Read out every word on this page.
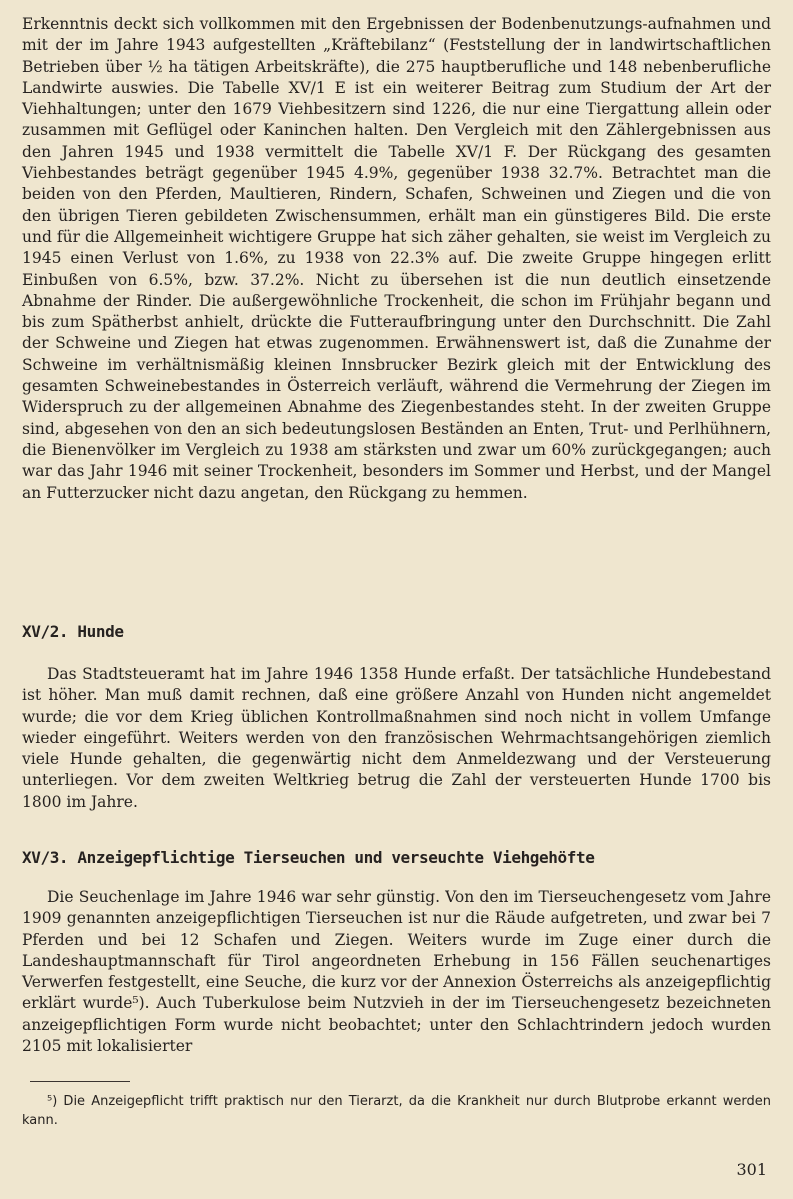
Erkenntnis deckt sich vollkommen mit den Ergebnissen der Bodenbenutzungs-aufnahmen und mit der im Jahre 1943 aufgestellten „Kräftebilanz“ (Feststellung der in landwirtschaftlichen Betrieben über ½ ha tätigen Arbeitskräfte), die 275 hauptberufliche und 148 nebenberufliche Landwirte auswies. Die Tabelle XV/1 E ist ein weiterer Beitrag zum Studium der Art der Viehhaltungen; unter den 1679 Viehbesitzern sind 1226, die nur eine Tiergattung allein oder zusammen mit Geflügel oder Kaninchen halten. Den Vergleich mit den Zählergebnissen aus den Jahren 1945 und 1938 vermittelt die Tabelle XV/1 F. Der Rückgang des gesamten Viehbestandes beträgt gegenüber 1945 4.9%, gegenüber 1938 32.7%. Betrachtet man die beiden von den Pferden, Maultieren, Rindern, Schafen, Schweinen und Ziegen und die von den übrigen Tieren gebildeten Zwischensummen, erhält man ein günstigeres Bild. Die erste und für die Allgemeinheit wichtigere Gruppe hat sich zäher gehalten, sie weist im Vergleich zu 1945 einen Verlust von 1.6%, zu 1938 von 22.3% auf. Die zweite Gruppe hingegen erlitt Einbußen von 6.5%, bzw. 37.2%. Nicht zu übersehen ist die nun deutlich einsetzende Abnahme der Rinder. Die außergewöhnliche Trockenheit, die schon im Frühjahr begann und bis zum Spätherbst anhielt, drückte die Futteraufbringung unter den Durchschnitt. Die Zahl der Schweine und Ziegen hat etwas zugenommen. Erwähnenswert ist, daß die Zunahme der Schweine im verhältnismäßig kleinen Innsbrucker Bezirk gleich mit der Entwicklung des gesamten Schweinebestandes in Österreich verläuft, während die Vermehrung der Ziegen im Widerspruch zu der allgemeinen Abnahme des Ziegenbestandes steht. In der zweiten Gruppe sind, abgesehen von den an sich bedeutungslosen Beständen an Enten, Trut- und Perlhühnern, die Bienenvölker im Vergleich zu 1938 am stärksten und zwar um 60% zurückgegangen; auch war das Jahr 1946 mit seiner Trockenheit, besonders im Sommer und Herbst, und der Mangel an Futterzucker nicht dazu angetan, den Rückgang zu hemmen.

XV/2. Hunde

Das Stadtsteueramt hat im Jahre 1946 1358 Hunde erfaßt. Der tatsächliche Hundebestand ist höher. Man muß damit rechnen, daß eine größere Anzahl von Hunden nicht angemeldet wurde; die vor dem Krieg üblichen Kontrollmaßnahmen sind noch nicht in vollem Umfange wieder eingeführt. Weiters werden von den französischen Wehrmachtsangehörigen ziemlich viele Hunde gehalten, die gegenwärtig nicht dem Anmeldezwang und der Versteuerung unterliegen. Vor dem zweiten Weltkrieg betrug die Zahl der versteuerten Hunde 1700 bis 1800 im Jahre.

XV/3. Anzeigepflichtige Tierseuchen und verseuchte Viehgehöfte

Die Seuchenlage im Jahre 1946 war sehr günstig. Von den im Tierseuchengesetz vom Jahre 1909 genannten anzeigepflichtigen Tierseuchen ist nur die Räude aufgetreten, und zwar bei 7 Pferden und bei 12 Schafen und Ziegen. Weiters wurde im Zuge einer durch die Landeshauptmannschaft für Tirol angeordneten Erhebung in 156 Fällen seuchenartiges Verwerfen festgestellt, eine Seuche, die kurz vor der Annexion Österreichs als anzeigepflichtig erklärt wurde⁵). Auch Tuberkulose beim Nutzvieh in der im Tierseuchengesetz bezeichneten anzeigepflichtigen Form wurde nicht beobachtet; unter den Schlachtrindern jedoch wurden 2105 mit lokalisierter

⁵) Die Anzeigepflicht trifft praktisch nur den Tierarzt, da die Krankheit nur durch Blutprobe erkannt werden kann.

301
